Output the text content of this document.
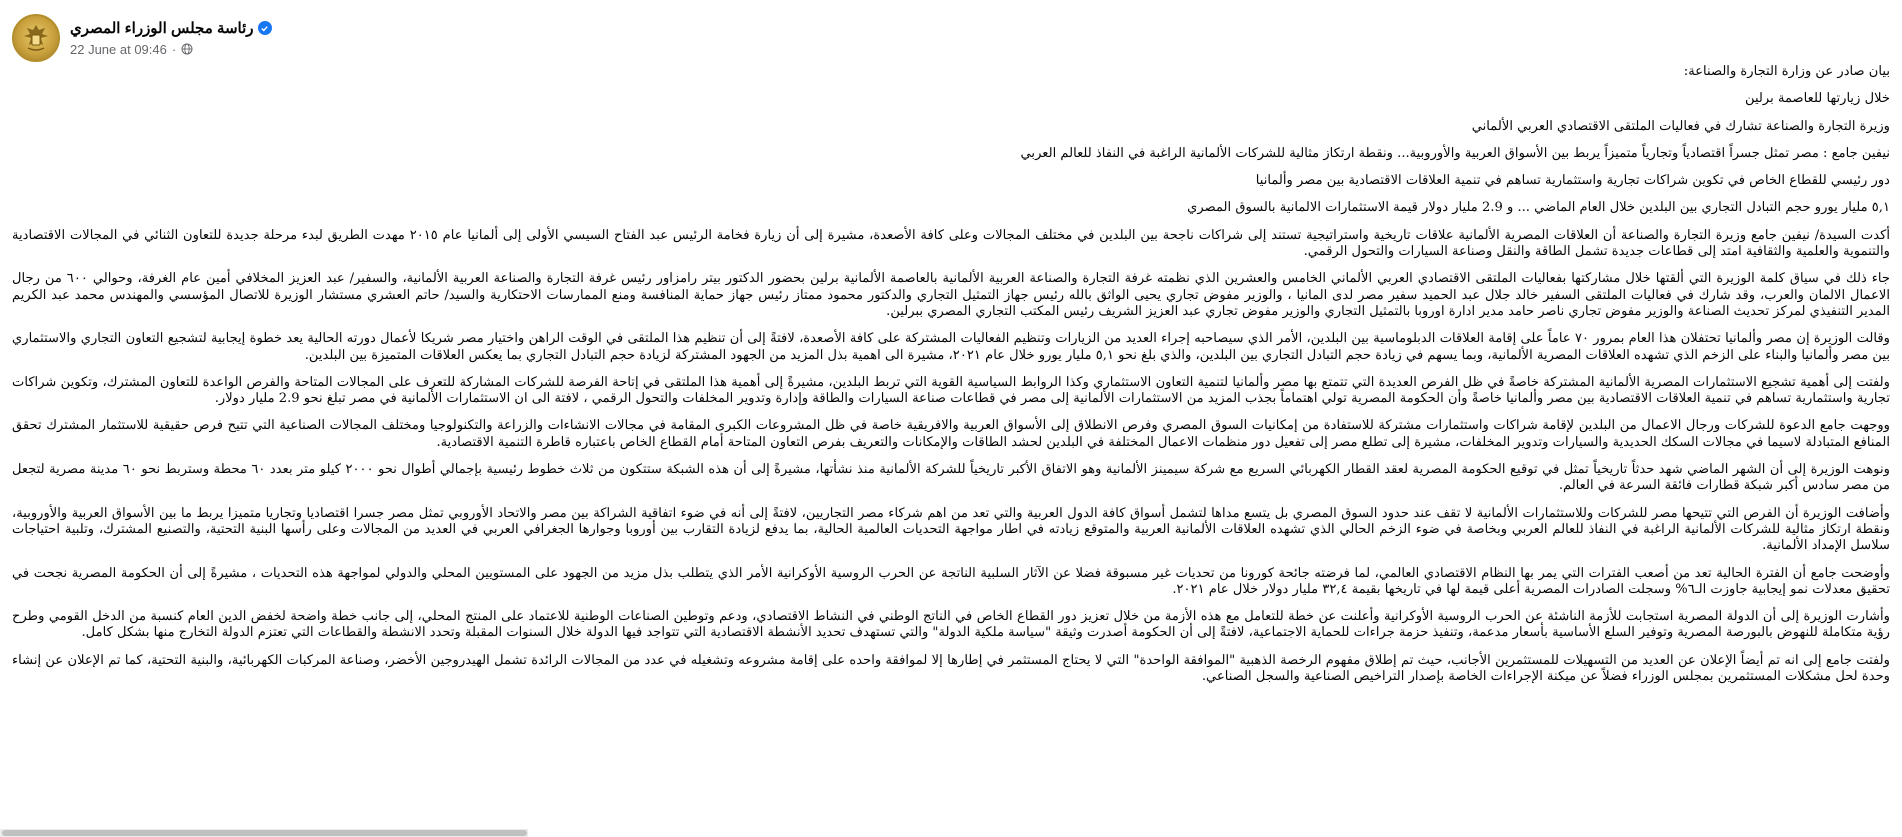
رئاسة مجلس الوزراء المصري
22 June at 09:46 ·

بيان صادر عن وزارة التجارة والصناعة:

خلال زيارتها للعاصمة برلين

وزيرة التجارة والصناعة تشارك في فعاليات الملتقى الاقتصادي العربي الألماني

نيفين جامع : مصر تمثل جسراً اقتصادياً وتجارياً متميزاً يربط بين الأسواق العربية والأوروبية... ونقطة ارتكاز مثالية للشركات الألمانية الراغبة في النفاذ للعالم العربي

دور رئيسي للقطاع الخاص في تكوين شراكات تجارية واستثمارية تساهم في تنمية العلاقات الاقتصادية بين مصر وألمانيا

٥,١ مليار يورو حجم التبادل التجاري بين البلدين خلال العام الماضي ... و 2.9 مليار دولار قيمة الاستثمارات الالمانية بالسوق المصري

أكدت السيدة/ نيفين جامع وزيرة التجارة والصناعة أن العلاقات المصرية الألمانية علاقات تاريخية واستراتيجية تستند إلى شراكات ناجحة بين البلدين في مختلف المجالات وعلى كافة الأصعدة، مشيرة إلى أن زيارة فخامة الرئيس عبد الفتاح السيسي الأولى إلى ألمانيا عام ٢٠١٥ مهدت الطريق لبدء مرحلة جديدة للتعاون الثنائي في المجالات الاقتصادية والتنموية والعلمية والثقافية امتد إلى قطاعات جديدة تشمل الطاقة والنقل وصناعة السيارات والتحول الرقمي.

جاء ذلك في سياق كلمة الوزيرة التي ألقتها خلال مشاركتها بفعاليات الملتقى الاقتصادي العربي الألماني الخامس والعشرين الذي نظمته غرفة التجارة والصناعة العربية الألمانية بالعاصمة الألمانية برلين بحضور الدكتور بيتر رامزاور رئيس غرفة التجارة والصناعة العربية الألمانية، والسفير/ عبد العزيز المخلافي أمين عام الغرفة، وحوالي ٦٠٠ من رجال الاعمال الالمان والعرب، وقد شارك في فعاليات الملتقى السفير خالد جلال عبد الحميد سفير مصر لدى المانيا ، والوزير مفوض تجاري يحيى الواثق بالله رئيس جهاز التمثيل التجاري والدكتور محمود ممتاز رئيس جهاز حماية المنافسة ومنع الممارسات الاحتكارية والسيد/ حاتم العشري مستشار الوزيرة للاتصال المؤسسي والمهندس محمد عبد الكريم المدير التنفيذي لمركز تحديث الصناعة والوزير مفوض تجاري ناصر حامد مدير ادارة اوروبا بالتمثيل التجاري والوزير مفوض تجاري عبد العزيز الشريف رئيس المكتب التجاري المصري ببرلين.

وقالت الوزيرة إن مصر وألمانيا تحتفلان هذا العام بمرور ٧٠ عاماً على إقامة العلاقات الدبلوماسية بين البلدين، الأمر الذي سيصاحبه إجراء العديد من الزيارات وتنظيم الفعاليات المشتركة على كافة الأصعدة، لافتةً إلى أن تنظيم هذا الملتقى في الوقت الراهن واختيار مصر شريكا لأعمال دورته الحالية يعد خطوة إيجابية لتشجيع التعاون التجاري والاستثماري بين مصر وألمانيا والبناء على الزخم الذي تشهده العلاقات المصرية الألمانية، وبما يسهم في زيادة حجم التبادل التجاري بين البلدين، والذي بلغ نحو ٥,١ مليار يورو خلال عام ٢٠٢١، مشيرة الى اهمية بذل المزيد من الجهود المشتركة لزيادة حجم التبادل التجاري بما يعكس العلاقات المتميزة بين البلدين.

ولفتت إلى أهمية تشجيع الاستثمارات المصرية الألمانية المشتركة خاصةً في ظل الفرص العديدة التي تتمتع بها مصر وألمانيا لتنمية التعاون الاستثماري وكذا الروابط السياسية القوية التي تربط البلدين، مشيرةً إلى أهمية هذا الملتقى في إتاحة الفرصة للشركات المشاركة للتعرف على المجالات المتاحة والفرص الواعدة للتعاون المشترك، وتكوين شراكات تجارية واستثمارية تساهم في تنمية العلاقات الاقتصادية بين مصر وألمانيا خاصةً وأن الحكومة المصرية تولي اهتماماً بجذب المزيد من الاستثمارات الألمانية إلى مصر في قطاعات صناعة السيارات والطاقة وإدارة وتدوير المخلفات والتحول الرقمي ، لافتة الى ان الاستثمارات الألمانية في مصر تبلغ نحو 2.9 مليار دولار.

ووجهت جامع الدعوة للشركات ورجال الاعمال من البلدين لإقامة شراكات واستثمارات مشتركة للاستفادة من إمكانيات السوق المصري وفرص الانطلاق إلى الأسواق العربية والافريقية خاصة في ظل المشروعات الكبرى المقامة في مجالات الانشاءات والزراعة والتكنولوجيا ومختلف المجالات الصناعية التي تتيح فرص حقيقية للاستثمار المشترك تحقق المنافع المتبادلة لاسيما في مجالات السكك الحديدية والسيارات وتدوير المخلفات، مشيرة إلى تطلع مصر إلى تفعيل دور منظمات الاعمال المختلفة في البلدين لحشد الطاقات والإمكانات والتعريف بفرص التعاون المتاحة أمام القطاع الخاص باعتباره قاطرة التنمية الاقتصادية.

ونوهت الوزيرة إلى أن الشهر الماضي شهد حدثاً تاريخياً تمثل في توقيع الحكومة المصرية لعقد القطار الكهربائي السريع مع شركة سيمينز الألمانية وهو الاتفاق الأكبر تاريخياً للشركة الألمانية منذ نشأتها، مشيرةً إلى أن هذه الشبكة ستتكون من ثلاث خطوط رئيسية بإجمالي أطوال نحو ٢٠٠٠ كيلو متر بعدد ٦٠ محطة وستربط نحو ٦٠ مدينة مصرية لتجعل من مصر سادس أكبر شبكة قطارات فائقة السرعة في العالم.

وأضافت الوزيرة أن الفرص التي تتيحها مصر للشركات وللاستثمارات الألمانية لا تقف عند حدود السوق المصري بل يتسع مداها لتشمل أسواق كافة الدول العربية والتي تعد من اهم شركاء مصر التجاريين، لافتةً إلى أنه في ضوء اتفاقية الشراكة بين مصر والاتحاد الأوروبي تمثل مصر جسرا اقتصاديا وتجاريا متميزا يربط ما بين الأسواق العربية والأوروبية، ونقطة ارتكاز مثالية للشركات الألمانية الراغبة في النفاذ للعالم العربي وبخاصة في ضوء الزخم الحالي الذي تشهده العلاقات الألمانية العربية والمتوقع زيادته في اطار مواجهة التحديات العالمية الحالية، بما يدفع لزيادة التقارب بين أوروبا وجوارها الجغرافي العربي في العديد من المجالات وعلى رأسها البنية التحتية، والتصنيع المشترك، وتلبية احتياجات سلاسل الإمداد الألمانية.

وأوضحت جامع أن الفترة الحالية تعد من أصعب الفترات التي يمر بها النظام الاقتصادي العالمي، لما فرضته جائحة كورونا من تحديات غير مسبوقة فضلا عن الآثار السلبية الناتجة عن الحرب الروسية الأوكرانية الأمر الذي يتطلب بذل مزيد من الجهود على المستويين المحلي والدولي لمواجهة هذه التحديات ، مشيرةً إلى أن الحكومة المصرية نجحت في تحقيق معدلات نمو إيجابية جاوزت الـ٦% وسجلت الصادرات المصرية أعلى قيمة لها في تاريخها بقيمة ٣٢,٤ مليار دولار خلال عام ٢٠٢١.

وأشارت الوزيرة إلى أن الدولة المصرية استجابت للأزمة الناشئة عن الحرب الروسية الأوكرانية وأعلنت عن خطة للتعامل مع هذه الأزمة من خلال تعزيز دور القطاع الخاص في الناتج الوطني في النشاط الاقتصادي، ودعم وتوطين الصناعات الوطنية للاعتماد على المنتج المحلي، إلى جانب خطة واضحة لخفض الدين العام كنسبة من الدخل القومي وطرح رؤية متكاملة للنهوض بالبورصة المصرية وتوفير السلع الأساسية بأسعار مدعمة، وتنفيذ حزمة جراءات للحماية الاجتماعية، لافتةً إلى أن الحكومة أصدرت وثيقة "سياسة ملكية الدولة" والتي تستهدف تحديد الأنشطة الاقتصادية التي تتواجد فيها الدولة خلال السنوات المقبلة وتحدد الانشطة والقطاعات التي تعتزم الدولة التخارج منها بشكل كامل.

ولفتت جامع إلى انه تم أيضاً الإعلان عن العديد من التسهيلات للمستثمرين الأجانب، حيث تم إطلاق مفهوم الرخصة الذهبية "الموافقة الواحدة" التي لا يحتاج المستثمر في إطارها إلا لموافقة واحده على إقامة مشروعه وتشغيله في عدد من المجالات الرائدة تشمل الهيدروجين الأخضر، وصناعة المركبات الكهربائية، والبنية التحتية، كما تم الإعلان عن إنشاء وحدة لحل مشكلات المستثمرين بمجلس الوزراء فضلاً عن ميكنة الإجراءات الخاصة بإصدار التراخيص الصناعية والسجل الصناعي.
